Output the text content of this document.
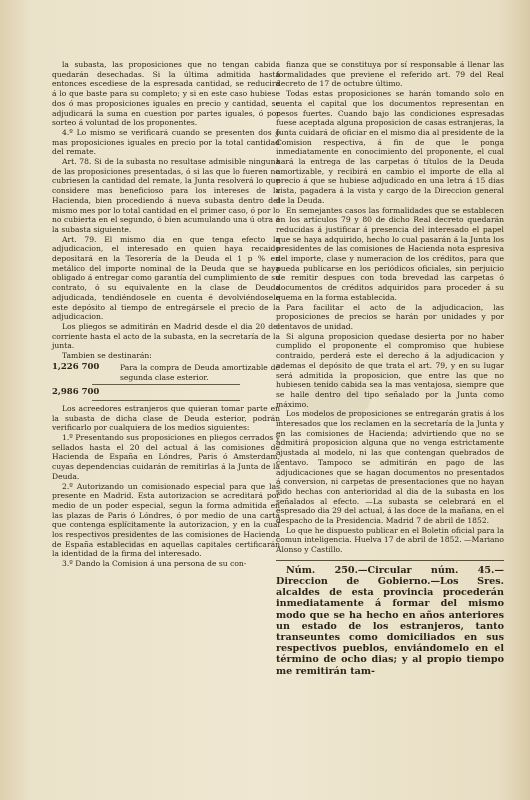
la subasta, las proposiciones que no tengan cabida quedarán desechadas. Si la última admitida hasta entonces escediese de la espresada cantidad, se reducirá á lo que baste para su completo; y si en este caso hubiese dos ó mas proposiciones iguales en precio y cantidad, se adjudicará la suma en cuestion por partes iguales, ó por sorteo á voluntad de los proponentes.

4.º Lo mismo se verificará cuando se presenten dos ó mas proposiciones iguales en precio por la total cantidad del remate.

Art. 78. Si de la subasta no resultase admisible ninguna de las proposiciones presentadas, ó si las que lo fueren no cubriesen la cantidad del remate, la Junta resolverá lo que considere mas beneficioso para los intereses de la Hacienda, bien procediendo á nueva subasta dentro del mismo mes por lo total cantidad en el primer caso, ó por lo no cubierta en el segundo, ó bien acumulando una ú otra á la subasta siguiente.

Art. 79. El mismo dia en que tenga efecto la adjudicacion, el interesado en quien haya recaido depositará en la Tesorería de la Deuda el 1 p % en metálico del importe nominal de la Deuda que se haya obligado á entregar como garantía del cumplimiento de su contrato, ó su equivalente en la clase de Deuda adjudicada, tendiéndosele en cuenta é devolviéndosele este depósito al tiempo de entregársele el precio de la adjudicacion.

Los pliegos se admitirán en Madrid desde el dia 20 del corriente hasta el acto de la subasta, en la secretaría de la junta.

Tambien se destinarán:

1,226 700	Para la compra de Deuda amortizable de segunda clase esterior.
2,986 700

Los acreedores estranjeros que quieran tomar parte en la subasta de dicha clase de Deuda esterior, podrán verificarlo por cualquiera de los medios siguientes:

1.º Presentando sus proposiciones en pliegos cerrados y sellados hasta el 20 del actual á las comisiones de Hacienda de España en Lóndres, Paris ó Amsterdam, cuyas dependencias cuidarán de remitirlas á la Junta de la Deuda.

2.º Autorizando un comisionado especial para que las presente en Madrid. Esta autorizacion se acreditará por medio de un poder especial, segun la forma admitida en las plazas de Paris ó Lóndres, ó por medio de una carta que contenga esplícitamente la autorizacion, y en la cual los respectivos presidentes de las comisiones de Hacienda de España establecidas en aquellas capitales certificarán la identidad de la firma del interesado.

3.º Dando la Comision á una persona de su con-

fianza que se constituya por sí responsable á llenar las formalidades que previene el referido art. 79 del Real decreto de 17 de octubre último.

Todas estas proposiciones se harán tomando solo en cuenta el capital que los documentos representan en pesos fuertes. Cuando bajo las condiciones espresadas fuese aceptada alguna proposicion de casas estranjeras, la Junta cuidará de oficiar en el mismo dia al presidente de la Comision respectiva, á fin de que le ponga inmediatamente en conocimiento del proponente, el cual hará la entrega de las carpetas ó títulos de la Deuda amortizable, y recibirá en cambio el importe de ella al precio á que se hubiese adjudicado en una letra á 15 dias vista, pagadera á la vista y cargo de la Direccion general de la Deuda.

En semejantes casos las formalidades que se establecen en los artículos 79 y 80 de dicho Real decreto quedarán reducidas á justificar á presencia del interesado el papel que se haya adquirido, hecho lo cual pasarán á la Junta los presidentes de las comisiones de Hacienda nota espresiva del importe, clase y numeracion de los créditos, para que pueda publicarse en los periódicos oficiales, sin perjuicio de remitir despues con toda brevedad las carpetas ó documentos de créditos adquiridos para proceder á su quema en la forma establecida.

Para facilitar el acto de la adjudicacion, las proposiciones de precios se harán por unidades y por centavos de unidad.

Si alguna proposicion quedase desierta por no haber cumplido el proponente el compromiso que hubiese contraido, perderá este el derecho á la adjudicacion y ademas el depósito de que trata el art. 79, y en su lugar será admitida la proposicion, que entre las que no hubiesen tenido cabida sea la mas ventajosa, siempre que se halle dentro del tipo señalado por la Junta como máximo.

Los modelos de proposiciones se entregarán gratis á los interesados que los reclamen en la secretaría de la Junta y en las comisiones de Hacienda; advirtiendo que no se admitirá proposicion alguna que no venga estrictamente ajustada al modelo, ni las que contengan quebrados de centavo. Tampoco se admitirán en pago de las adjudicaciones que se hagan documentos no presentados á conversion, ni carpetas de presentaciones que no hayan sido hechas con anterioridad al dia de la subasta en los señalados al efecto. —La subasta se celebrará en el espresado dia 29 del actual, á las doce de la mañana, en el despacho de la Presidencia. Madrid 7 de abril de 1852.

Lo que he dispuesto publicar en el Boletin oficial para la comun inteligencia. Huelva 17 de abril de 1852. —Mariano Alonso y Castillo.

Núm. 250.—Circular núm. 45.—Direccion de Gobierno.—Los Sres. alcaldes de esta provincia procederán inmediatamente á formar del mismo modo que se ha hecho en años anteriores un estado de los estranjeros, tanto transeuntes como domiciliados en sus respectivos pueblos, enviándomelo en el término de ocho dias; y al propio tiempo me remitirán tam-
